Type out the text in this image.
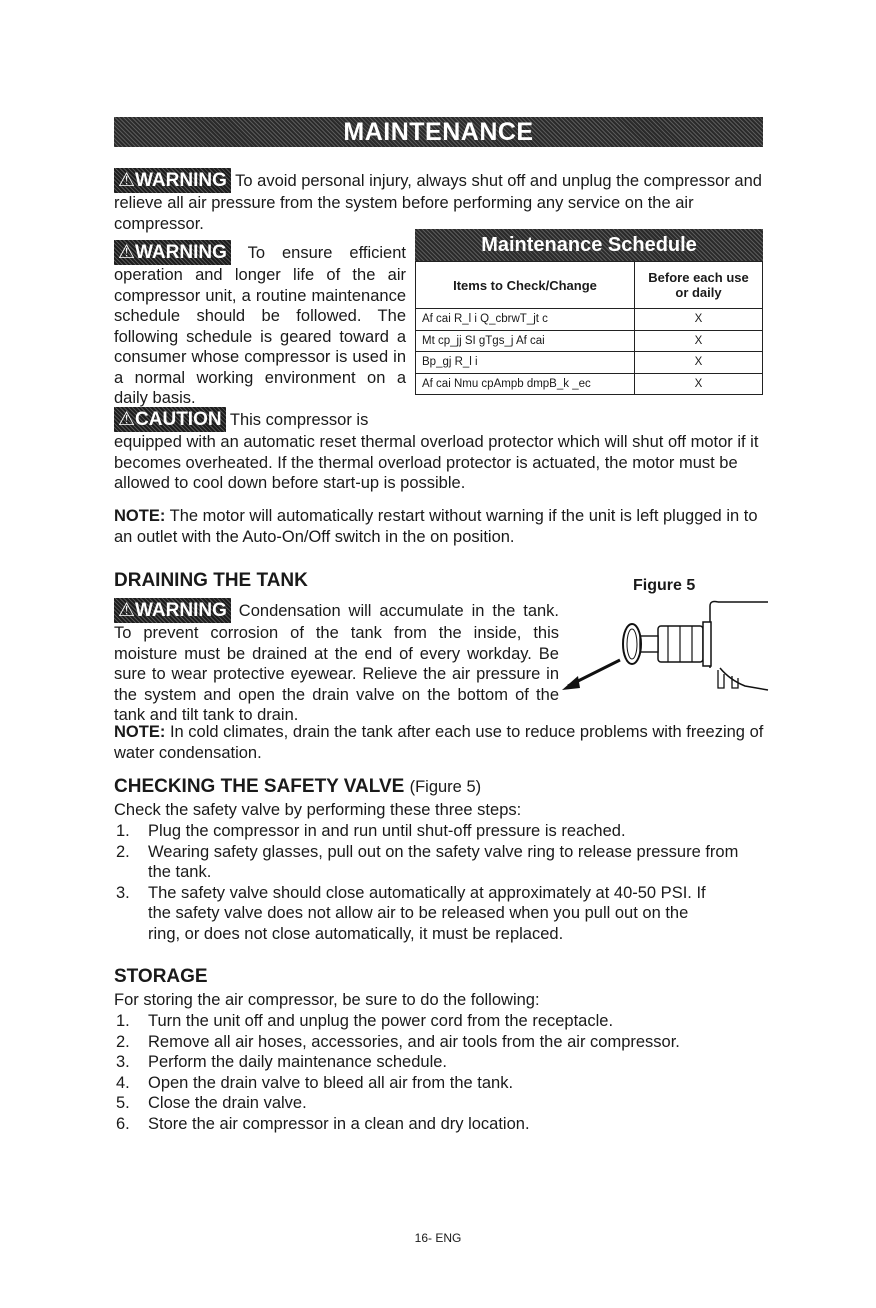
MAINTENANCE
⚠WARNING To avoid personal injury, always shut off and unplug the compressor and relieve all air pressure from the system before performing any service on the air compressor.
⚠WARNING To ensure efficient operation and longer life of the air compressor unit, a routine maintenance schedule should be followed. The following schedule is geared toward a consumer whose compressor is used in a normal working environment on a daily basis.
Maintenance Schedule
Items to Check/Change	Before each use or daily
Af cai R_l i Q_cbrwT_jt c	X
Mt cp_jj SI gTgs_j Af cai	X
Bp_gj R_l i	X
Af cai Nmu cpAmpb dmpB_k _ec	X
⚠CAUTION This compressor is
equipped with an automatic reset thermal overload protector which will shut off motor if it becomes overheated. If the thermal overload protector is actuated, the motor must be allowed to cool down before start-up is possible.
NOTE: The motor will automatically restart without warning if the unit is left plugged in to an outlet with the Auto-On/Off switch in the on position.
DRAINING THE TANK
⚠WARNING Condensation will accumulate in the tank. To prevent corrosion of the tank from the inside, this moisture must be drained at the end of every workday. Be sure to wear protective eyewear. Relieve the air pressure in the system and open the drain valve on the bottom of the tank and tilt tank to drain.
Figure 5
NOTE: In cold climates, drain the tank after each use to reduce problems with freezing of water condensation.
CHECKING THE SAFETY VALVE (Figure 5)
Check the safety valve by performing these three steps:
1. Plug the compressor in and run until shut-off pressure is reached.
2. Wearing safety glasses, pull out on the safety valve ring to release pressure from the tank.
3. The safety valve should close automatically at approximately at 40-50 PSI. If the safety valve does not allow air to be released when you pull out on the ring, or does not close automatically, it must be replaced.
STORAGE
For storing the air compressor, be sure to do the following:
1. Turn the unit off and unplug the power cord from the receptacle.
2. Remove all air hoses, accessories, and air tools from the air compressor.
3. Perform the daily maintenance schedule.
4. Open the drain valve to bleed all air from the tank.
5. Close the drain valve.
6. Store the air compressor in a clean and dry location.
16- ENG
